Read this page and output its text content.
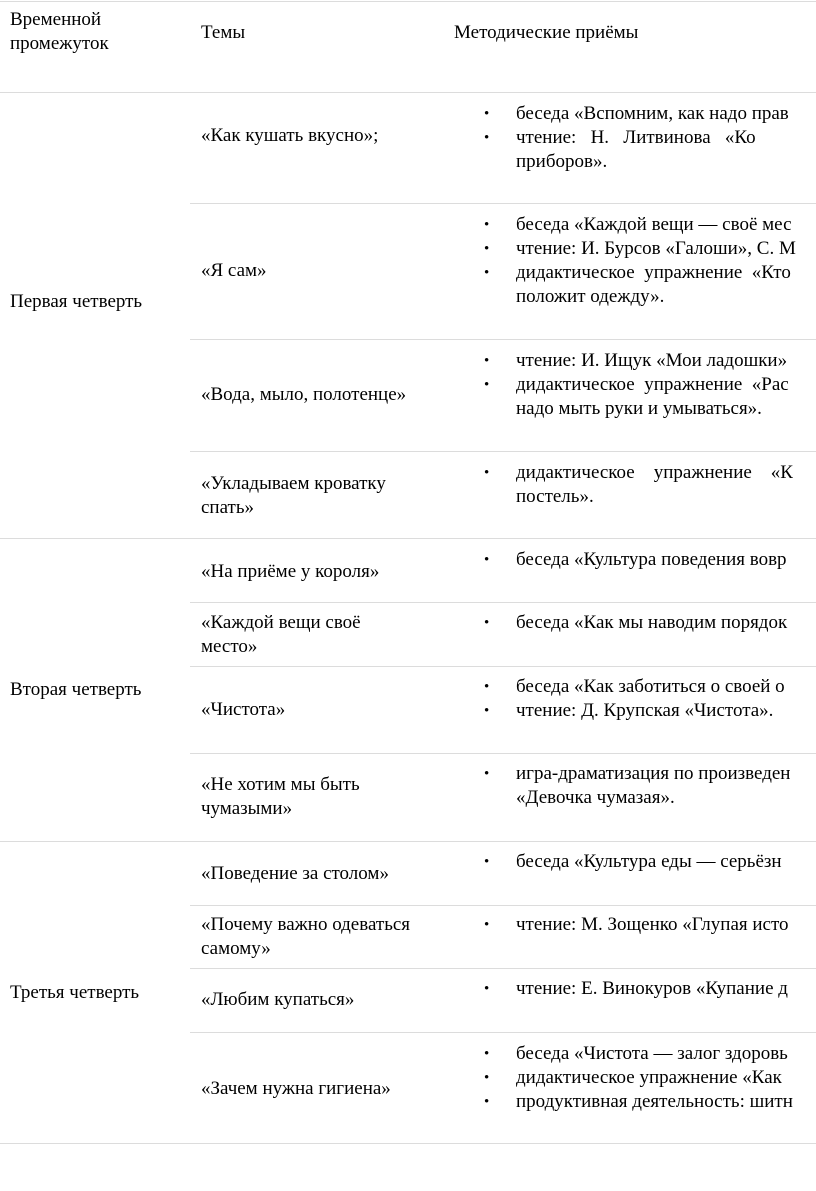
Временной
промежуток
Темы	Методические приёмы
Первая четверть
Вторая четверть
Третья четверть
«Как кушать вкусно»;
«Я сам»
«Вода, мыло, полотенце»
«Укладываем кроватку
спать»
• беседа «Вспомним, как надо прав
• чтение:   Н.   Литвинова   «Ко
приборов».
• беседа «Каждой вещи — своё мес
• чтение: И. Бурсов «Галоши», С. М
• дидактическое  упражнение  «Кто
положит одежду».
• чтение: И. Ищук «Мои ладошки»
• дидактическое  упражнение  «Рас
надо мыть руки и умываться».
• дидактическое    упражнение    «К
постель».
«На приёме у короля»
«Каждой вещи своё
место»
«Чистота»
«Не хотим мы быть
чумазыми»
• беседа «Культура поведения вовр
• беседа «Как мы наводим порядок
• беседа «Как заботиться о своей о
• чтение: Д. Крупская «Чистота».
• игра-драматизация по произведен
«Девочка чумазая».
«Поведение за столом»
«Почему важно одеваться
самому»
«Любим купаться»
«Зачем нужна гигиена»
• беседа «Культура еды — серьёзн
• чтение: М. Зощенко «Глупая исто
• чтение: Е. Винокуров «Купание д
• беседа «Чистота — залог здоровь
• дидактическое упражнение «Как
• продуктивная деятельность: шитн
